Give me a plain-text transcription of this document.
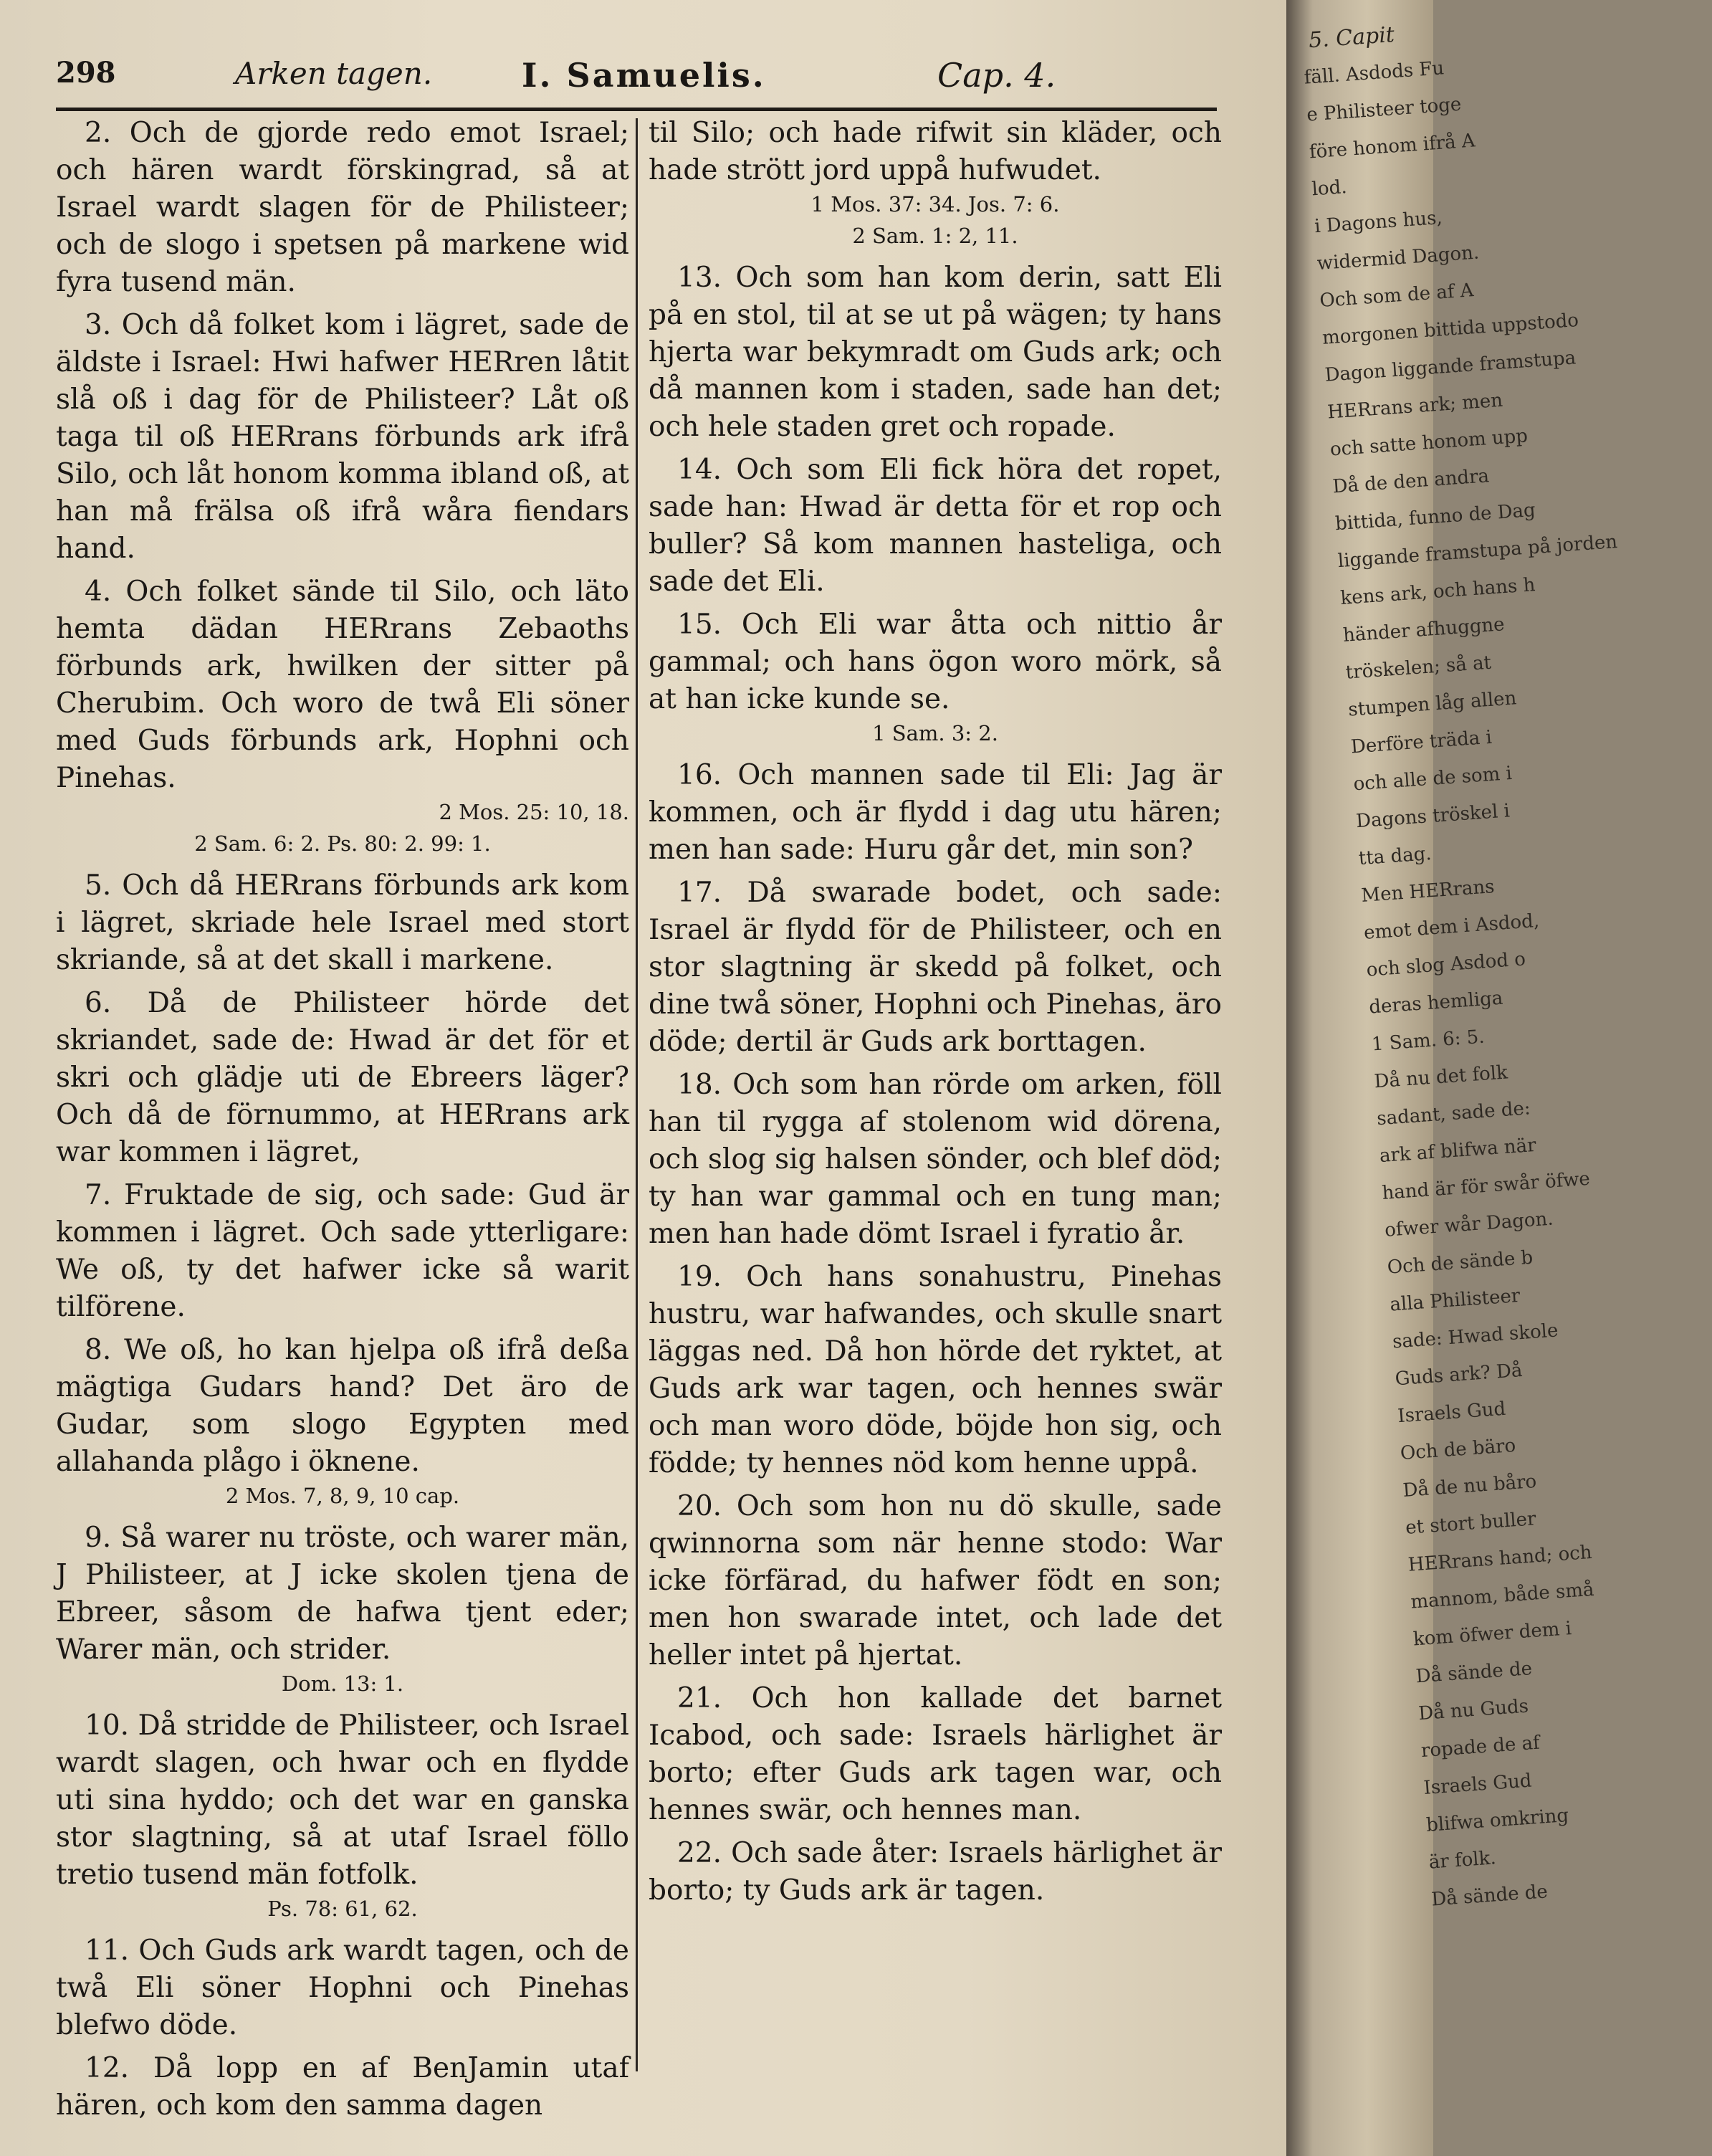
298	Arken tagen.	I. Samuelis.	Cap. 4.

2. Och de gjorde redo emot Israel; och hären wardt förskingrad, så at Israel wardt slagen för de Philisteer; och de slogo i spetsen på markene wid fyra tusend män.

3. Och då folket kom i lägret, sade de äldste i Israel: Hwi hafwer HERren låtit slå oß i dag för de Philisteer? Låt oß taga til oß HERrans förbunds ark ifrå Silo, och låt honom komma ibland oß, at han må frälsa oß ifrå wåra fiendars hand.

4. Och folket sände til Silo, och läto hemta dädan HERrans Zebaoths förbunds ark, hwilken der sitter på Cherubim. Och woro de twå Eli söner med Guds förbunds ark, Hophni och Pinehas.

2 Mos. 25: 10, 18.
2 Sam. 6: 2. Ps. 80: 2. 99: 1.

5. Och då HERrans förbunds ark kom i lägret, skriade hele Israel med stort skriande, så at det skall i markene.

6. Då de Philisteer hörde det skriandet, sade de: Hwad är det för et skri och glädje uti de Ebreers läger? Och då de förnummo, at HERrans ark war kommen i lägret,

7. Fruktade de sig, och sade: Gud är kommen i lägret. Och sade ytterligare: We oß, ty det hafwer icke så warit tilförene.

8. We oß, ho kan hjelpa oß ifrå deßa mägtiga Gudars hand? Det äro de Gudar, som slogo Egypten med allahanda plågo i öknene.

2 Mos. 7, 8, 9, 10 cap.

9. Så warer nu tröste, och warer män, J Philisteer, at J icke skolen tjena de Ebreer, såsom de hafwa tjent eder; Warer män, och strider.

Dom. 13: 1.

10. Då stridde de Philisteer, och Israel wardt slagen, och hwar och en flydde uti sina hyddo; och det war en ganska stor slagtning, så at utaf Israel föllo tretio tusend män fotfolk.

Ps. 78: 61, 62.

11. Och Guds ark wardt tagen, och de twå Eli söner Hophni och Pinehas blefwo döde.

12. Då lopp en af BenJamin utaf hären, och kom den samma dagen

til Silo; och hade rifwit sin kläder, och hade strött jord uppå hufwudet.

1 Mos. 37: 34. Jos. 7: 6.
2 Sam. 1: 2, 11.

13. Och som han kom derin, satt Eli på en stol, til at se ut på wägen; ty hans hjerta war bekymradt om Guds ark; och då mannen kom i staden, sade han det; och hele staden gret och ropade.

14. Och som Eli fick höra det ropet, sade han: Hwad är detta för et rop och buller? Så kom mannen hasteliga, och sade det Eli.

15. Och Eli war åtta och nittio år gammal; och hans ögon woro mörk, så at han icke kunde se.

1 Sam. 3: 2.

16. Och mannen sade til Eli: Jag är kommen, och är flydd i dag utu hären; men han sade: Huru går det, min son?

17. Då swarade bodet, och sade: Israel är flydd för de Philisteer, och en stor slagtning är skedd på folket, och dine twå söner, Hophni och Pinehas, äro döde; dertil är Guds ark borttagen.

18. Och som han rörde om arken, föll han til rygga af stolenom wid dörena, och slog sig halsen sönder, och blef död; ty han war gammal och en tung man; men han hade dömt Israel i fyratio år.

19. Och hans sonahustru, Pinehas hustru, war hafwandes, och skulle snart läggas ned. Då hon hörde det ryktet, at Guds ark war tagen, och hennes swär och man woro döde, böjde hon sig, och födde; ty hennes nöd kom henne uppå.

20. Och som hon nu dö skulle, sade qwinnorna som när henne stodo: War icke förfärad, du hafwer födt en son; men hon swarade intet, och lade det heller intet på hjertat.

21. Och hon kallade det barnet Icabod, och sade: Israels härlighet är borto; efter Guds ark tagen war, och hennes swär, och hennes man.

22. Och sade åter: Israels härlighet är borto; ty Guds ark är tagen.

5. Capit

fäll. Asdods Fu

e Philisteer toge

före honom ifrå A

lod.

i Dagons hus,

widermid Dagon.

Och som de af A

morgonen bittida uppstodo

Dagon liggande framstupa

HERrans ark; men

och satte honom upp

Då de den andra

bittida, funno de Dag

liggande framstupa på jorden

kens ark, och hans h

händer afhuggne

tröskelen; så at

stumpen låg allen

Derföre träda i

och alle de som i

Dagons tröskel i

tta dag.

Men HERrans

emot dem i Asdod,

och slog Asdod o

deras hemliga

1 Sam. 6: 5.

Då nu det folk

sadant, sade de:

ark af blifwa när

hand är för swår öfwe

ofwer wår Dagon.

Och de sände b

alla Philisteer

sade: Hwad skole

Guds ark? Då

Israels Gud

Och de bäro

Då de nu båro

et stort buller

HERrans hand; och

mannom, både små

kom öfwer dem i

Då sände de

Då nu Guds

ropade de af

Israels Gud

blifwa omkring

är folk.

Då sände de
